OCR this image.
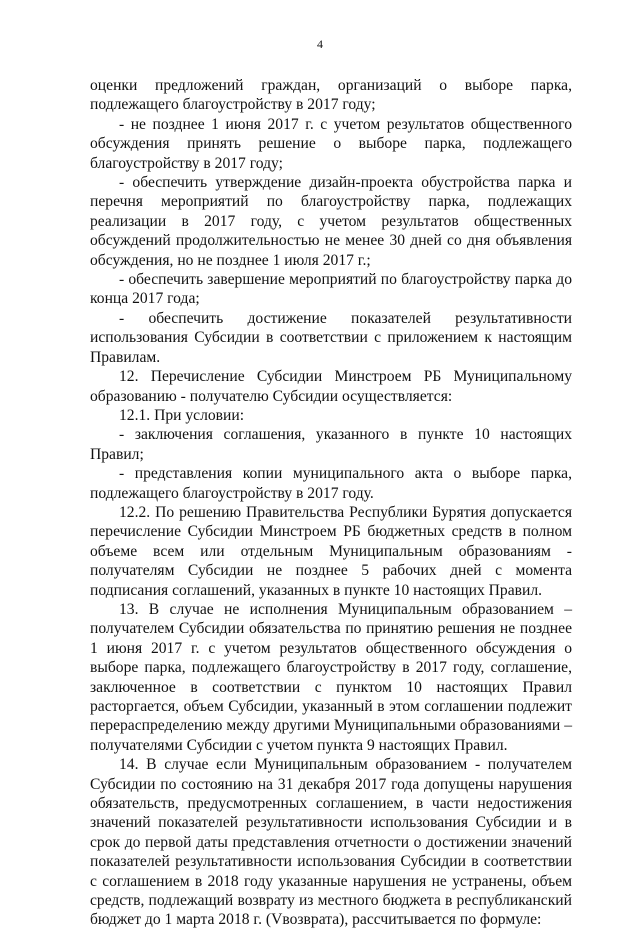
4

оценки предложений граждан, организаций о выборе парка, подлежащего благоустройству в 2017 году;

- не позднее 1 июня 2017 г. с учетом результатов общественного обсуждения принять решение о выборе парка, подлежащего благоустройству в 2017 году;

- обеспечить утверждение дизайн-проекта обустройства парка и перечня мероприятий по благоустройству парка, подлежащих реализации в 2017 году, с учетом результатов общественных обсуждений продолжительностью не менее 30 дней со дня объявления обсуждения, но не позднее 1 июля 2017 г.;

- обеспечить завершение мероприятий по благоустройству парка до конца 2017 года;

- обеспечить достижение показателей результативности использования Субсидии в соответствии с приложением к настоящим Правилам.

12. Перечисление Субсидии Минстроем РБ Муниципальному образованию - получателю Субсидии осуществляется:

12.1. При условии:

- заключения соглашения, указанного в пункте 10 настоящих Правил;

- представления копии муниципального акта о выборе парка, подлежащего благоустройству в 2017 году.

12.2. По решению Правительства Республики Бурятия допускается перечисление Субсидии Минстроем РБ бюджетных средств в полном объеме всем или отдельным Муниципальным образованиям - получателям Субсидии не позднее 5 рабочих дней с момента подписания соглашений, указанных в пункте 10 настоящих Правил.

13. В случае не исполнения Муниципальным образованием – получателем Субсидии обязательства по принятию решения не позднее 1 июня 2017 г. с учетом результатов общественного обсуждения о выборе парка, подлежащего благоустройству в 2017 году, соглашение, заключенное в соответствии с пунктом 10 настоящих Правил расторгается, объем Субсидии, указанный в этом соглашении подлежит перераспределению между другими Муниципальными образованиями – получателями Субсидии с учетом пункта 9 настоящих Правил.

14. В случае если Муниципальным образованием - получателем Субсидии по состоянию на 31 декабря 2017 года допущены нарушения обязательств, предусмотренных соглашением, в части недостижения значений показателей результативности использования Субсидии и в срок до первой даты представления отчетности о достижении значений показателей результативности использования Субсидии в соответствии с соглашением в 2018 году указанные нарушения не устранены, объем средств, подлежащий возврату из местного бюджета в республиканский бюджет до 1 марта 2018 г. (Vвозврата), рассчитывается по формуле:
